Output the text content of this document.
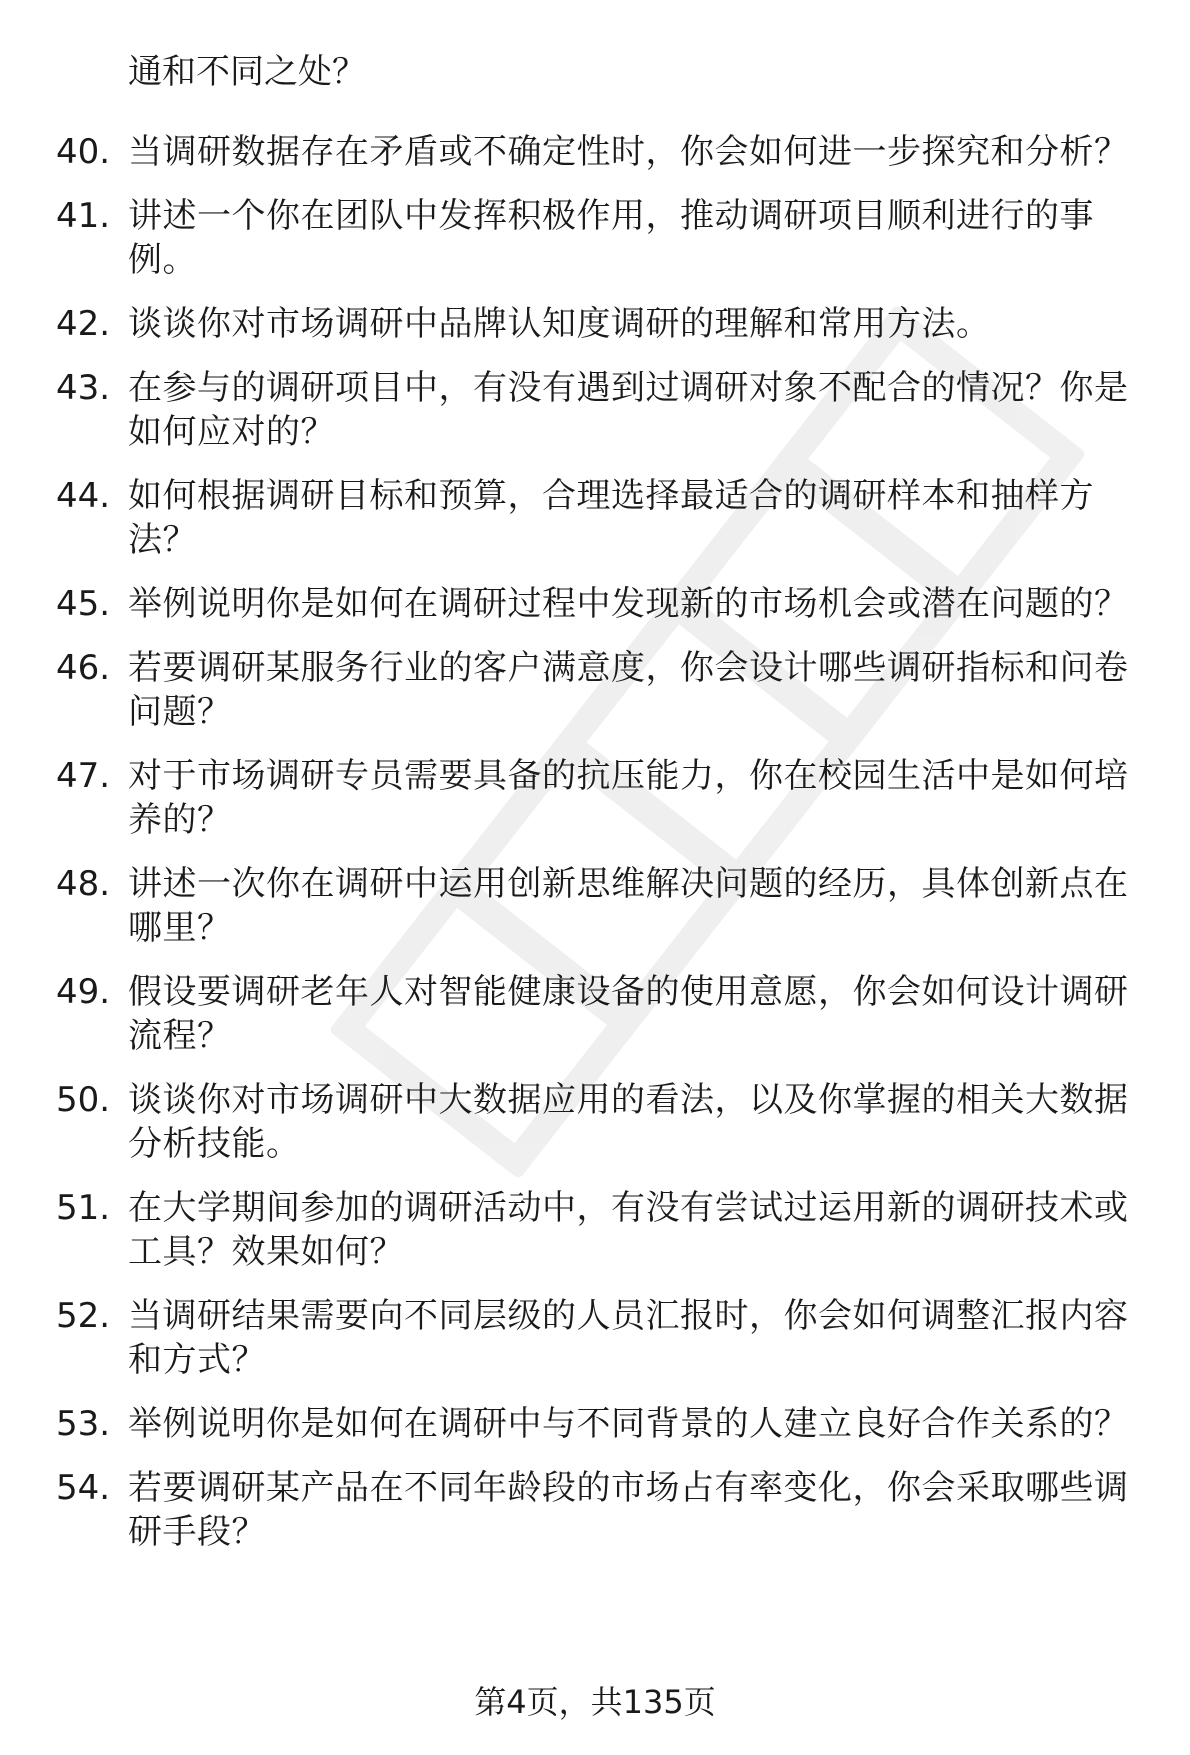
通和不同之处？
40. 当调研数据存在矛盾或不确定性时，你会如何进一步探究和分析？
41. 讲述一个你在团队中发挥积极作用，推动调研项目顺利进行的事例。
42. 谈谈你对市场调研中品牌认知度调研的理解和常用方法。
43. 在参与的调研项目中，有没有遇到过调研对象不配合的情况？你是如何应对的？
44. 如何根据调研目标和预算，合理选择最适合的调研样本和抽样方法？
45. 举例说明你是如何在调研过程中发现新的市场机会或潜在问题的？
46. 若要调研某服务行业的客户满意度，你会设计哪些调研指标和问卷问题？
47. 对于市场调研专员需要具备的抗压能力，你在校园生活中是如何培养的？
48. 讲述一次你在调研中运用创新思维解决问题的经历，具体创新点在哪里？
49. 假设要调研老年人对智能健康设备的使用意愿，你会如何设计调研流程？
50. 谈谈你对市场调研中大数据应用的看法，以及你掌握的相关大数据分析技能。
51. 在大学期间参加的调研活动中，有没有尝试过运用新的调研技术或工具？效果如何？
52. 当调研结果需要向不同层级的人员汇报时，你会如何调整汇报内容和方式？
53. 举例说明你是如何在调研中与不同背景的人建立良好合作关系的？
54. 若要调研某产品在不同年龄段的市场占有率变化，你会采取哪些调研手段？
第4页，共135页
